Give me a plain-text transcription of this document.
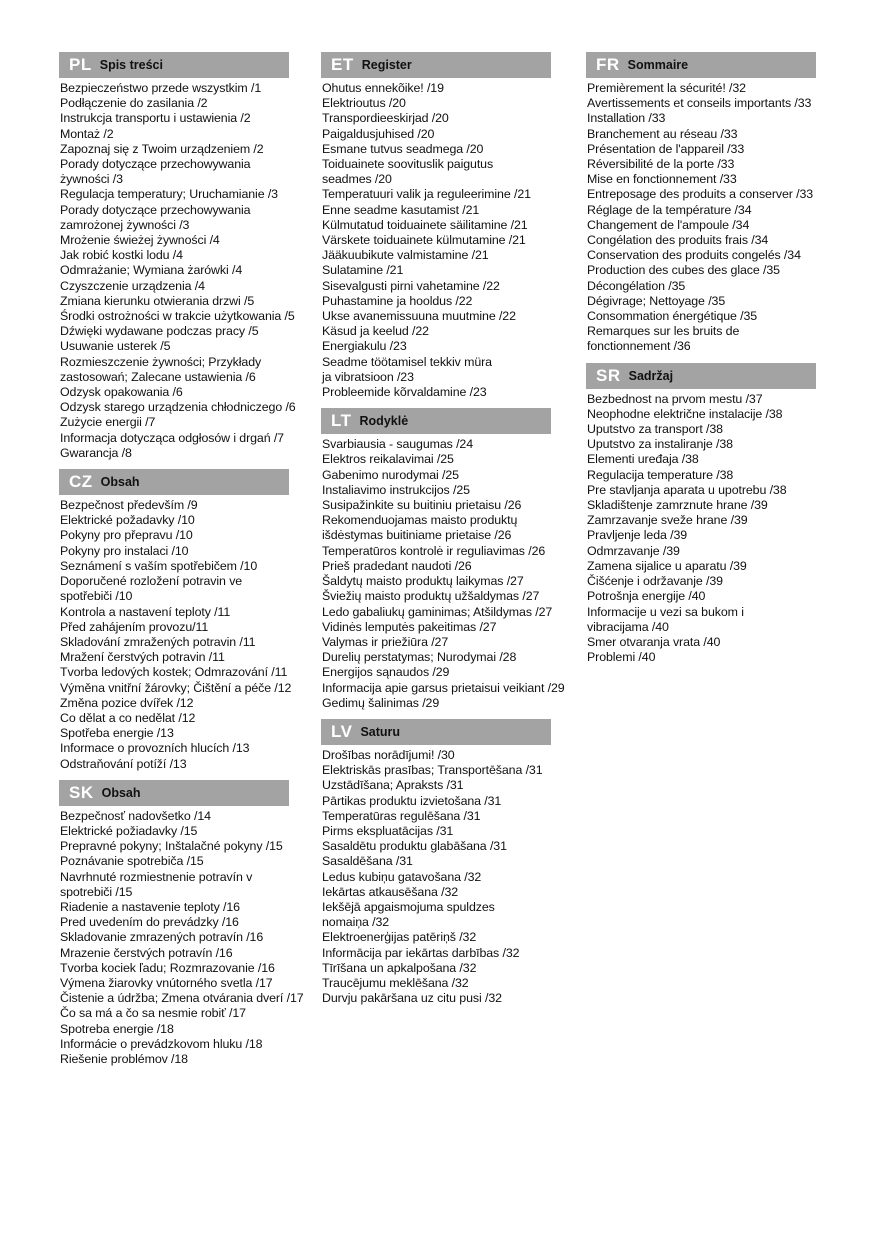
PL Spis treści
Bezpieczeństwo przede wszystkim /1
Podłączenie do zasilania /2
Instrukcja transportu i ustawienia /2
Montaż /2
Zapoznaj się z Twoim urządzeniem /2
Porady dotyczące przechowywania
żywności /3
Regulacja temperatury; Uruchamianie /3
Porady dotyczące przechowywania
zamrożonej żywności /3
Mrożenie świeżej żywności /4
Jak robić kostki lodu /4
Odmrażanie; Wymiana żarówki /4
Czyszczenie urządzenia /4
Zmiana kierunku otwierania drzwi /5
Środki ostrożności w trakcie użytkowania /5
Dźwięki wydawane podczas pracy /5
Usuwanie usterek /5
Rozmieszczenie żywności; Przykłady
zastosowań; Zalecane ustawienia /6
Odzysk opakowania /6
Odzysk starego urządzenia chłodniczego /6
Zużycie energii /7
Informacja dotycząca odgłosów i drgań /7
Gwarancja /8
CZ Obsah
Bezpečnost především /9
Elektrické požadavky /10
Pokyny pro přepravu /10
Pokyny pro instalaci /10
Seznámení s vaším spotřebičem /10
Doporučené rozložení potravin ve
spotřebiči /10
Kontrola a nastavení teploty /11
Před zahájením provozu/11
Skladování zmražených potravin /11
Mražení čerstvých potravin /11
Tvorba ledových kostek; Odmrazování /11
Výměna vnitřní žárovky; Čištění a péče /12
Změna pozice dvířek /12
Co dělat a co nedělat /12
Spotřeba energie /13
Informace o provozních hlucích /13
Odstraňování potíží /13
SK Obsah
Bezpečnosť nadovšetko /14
Elektrické požiadavky /15
Prepravné pokyny; Inštalačné pokyny /15
Poznávanie spotrebiča /15
Navrhnuté rozmiestnenie potravín v
spotrebiči /15
Riadenie a nastavenie teploty /16
Pred uvedením do prevádzky /16
Skladovanie zmrazených potravín /16
Mrazenie čerstvých potravín /16
Tvorba kociek ľadu; Rozmrazovanie /16
Výmena žiarovky vnútorného svetla /17
Čistenie a údržba; Zmena otvárania dverí /17
Čo sa má a čo sa nesmie robiť /17
Spotreba energie /18
Informácie o prevádzkovom hluku /18
Riešenie problémov /18
ET Register
Ohutus ennekõike! /19
Elektrioutus /20
Transpordieeskirjad /20
Paigaldusjuhised /20
Esmane tutvus seadmega /20
Toiduainete soovituslik paigutus
seadmes /20
Temperatuuri valik ja reguleerimine /21
Enne seadme kasutamist /21
Külmutatud toiduainete säilitamine /21
Värskete toiduainete külmutamine /21
Jääkuubikute valmistamine /21
Sulatamine /21
Sisevalgusti pirni vahetamine /22
Puhastamine ja hooldus /22
Ukse avanemissuuna muutmine /22
Käsud ja keelud /22
Energiakulu /23
Seadme töötamisel tekkiv müra
ja vibratsioon /23
Probleemide kõrvaldamine /23
LT Rodyklė
Svarbiausia - saugumas /24
Elektros reikalavimai /25
Gabenimo nurodymai /25
Instaliavimo instrukcijos /25
Susipažinkite su buitiniu prietaisu /26
Rekomenduojamas maisto produktų
išdėstymas buitiniame prietaise /26
Temperatūros kontrolė ir reguliavimas /26
Prieš pradedant naudoti /26
Šaldytų maisto produktų laikymas /27
Šviežių maisto produktų užšaldymas /27
Ledo gabaliukų gaminimas; Atšildymas /27
Vidinės lemputės pakeitimas /27
Valymas ir priežiūra /27
Durelių perstatymas; Nurodymai /28
Energijos sąnaudos /29
Informacija apie garsus prietaisui veikiant /29
Gedimų šalinimas /29
LV Saturu
Drošības norādījumi! /30
Elektriskās prasības; Transportēšana /31
Uzstādīšana; Apraksts /31
Pārtikas produktu izvietošana /31
Temperatūras regulēšana /31
Pirms ekspluatācijas /31
Sasaldētu produktu glabāšana /31
Sasaldēšana /31
Ledus kubiņu gatavošana /32
Iekārtas atkausēšana /32
Iekšējā apgaismojuma spuldzes
nomaiņa /32
Elektroenerģijas patēriņš /32
Informācija par iekārtas darbības /32
Tīrīšana un apkalpošana /32
Traucējumu meklēšana /32
Durvju pakāršana uz citu pusi /32
FR Sommaire
Premièrement la sécurité! /32
Avertissements et conseils importants /33
Installation /33
Branchement au réseau /33
Présentation de l'appareil /33
Réversibilité de la porte /33
Mise en fonctionnement /33
Entreposage des produits a conserver /33
Réglage de la température /34
Changement de l'ampoule /34
Congélation des produits frais /34
Conservation des produits congelés /34
Production des cubes des glace /35
Décongélation /35
Dégivrage; Nettoyage /35
Consommation énergétique /35
Remarques sur les bruits de
fonctionnement /36
SR Sadržaj
Bezbednost na prvom mestu /37
Neophodne električne instalacije /38
Uputstvo za transport /38
Uputstvo za instaliranje /38
Elementi uređaja /38
Regulacija temperature /38
Pre stavljanja aparata u upotrebu /38
Skladištenje zamrznute hrane /39
Zamrzavanje sveže hrane /39
Pravljenje leda /39
Odmrzavanje /39
Zamena sijalice u aparatu /39
Čišćenje i održavanje /39
Potrošnja energije /40
Informacije u vezi sa bukom i
vibracijama /40
Smer otvaranja vrata /40
Problemi /40
